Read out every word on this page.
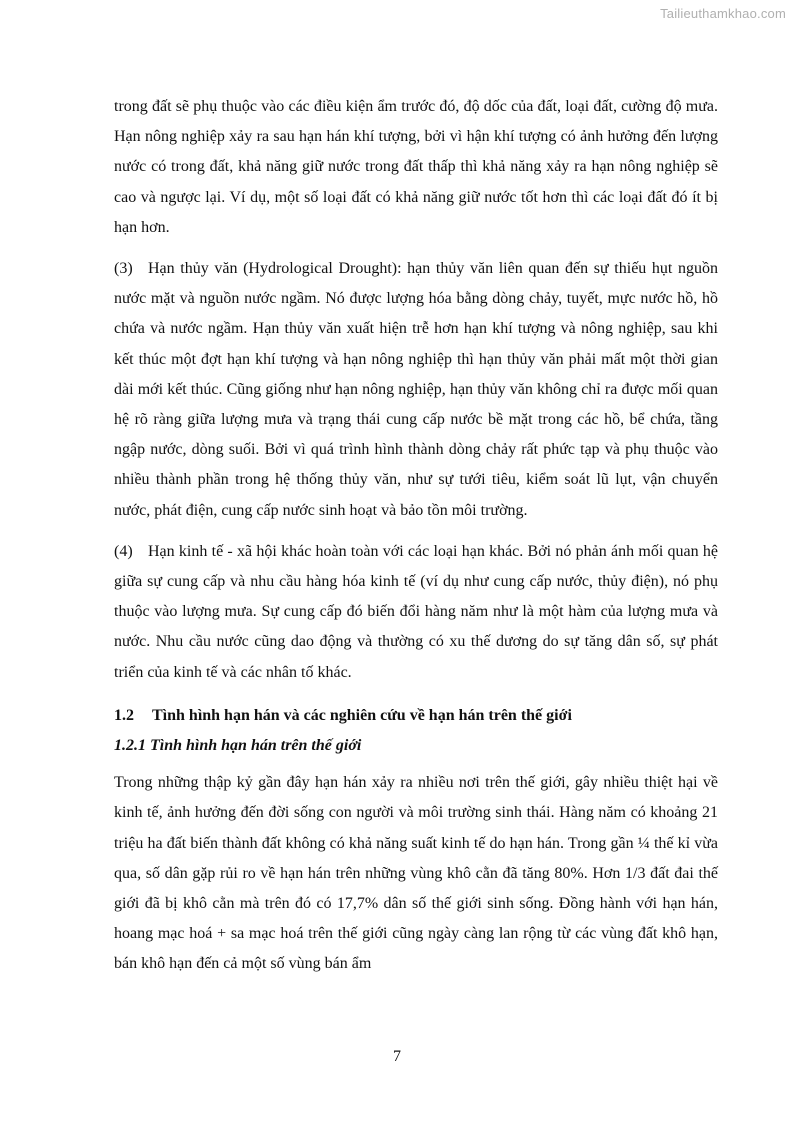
Tailieuthamkhao.com

trong đất sẽ phụ thuộc vào các điều kiện ẩm trước đó, độ dốc của đất, loại đất, cường độ mưa. Hạn nông nghiệp xảy ra sau hạn hán khí tượng, bởi vì hận khí tượng có ảnh hưởng đến lượng nước có trong đất, khả năng giữ nước trong đất thấp thì khả năng xảy ra hạn nông nghiệp sẽ cao và ngược lại. Ví dụ, một số loại đất có khả năng giữ nước tốt hơn thì các loại đất đó ít bị hạn hơn.

(3) Hạn thủy văn (Hydrological Drought): hạn thủy văn liên quan đến sự thiếu hụt nguồn nước mặt và nguồn nước ngầm. Nó được lượng hóa bằng dòng chảy, tuyết, mực nước hồ, hồ chứa và nước ngầm. Hạn thủy văn xuất hiện trễ hơn hạn khí tượng và nông nghiệp, sau khi kết thúc một đợt hạn khí tượng và hạn nông nghiệp thì hạn thủy văn phải mất một thời gian dài mới kết thúc. Cũng giống như hạn nông nghiệp, hạn thủy văn không chỉ ra được mối quan hệ rõ ràng giữa lượng mưa và trạng thái cung cấp nước bề mặt trong các hồ, bể chứa, tầng ngập nước, dòng suối. Bởi vì quá trình hình thành dòng chảy rất phức tạp và phụ thuộc vào nhiều thành phần trong hệ thống thủy văn, như sự tưới tiêu, kiểm soát lũ lụt, vận chuyển nước, phát điện, cung cấp nước sinh hoạt và bảo tồn môi trường.

(4) Hạn kinh tế - xã hội khác hoàn toàn với các loại hạn khác. Bởi nó phản ánh mối quan hệ giữa sự cung cấp và nhu cầu hàng hóa kinh tế (ví dụ như cung cấp nước, thủy điện), nó phụ thuộc vào lượng mưa. Sự cung cấp đó biến đổi hàng năm như là một hàm của lượng mưa và nước. Nhu cầu nước cũng dao động và thường có xu thế dương do sự tăng dân số, sự phát triển của kinh tế và các nhân tố khác.

1.2 Tình hình hạn hán và các nghiên cứu về hạn hán trên thế giới

1.2.1 Tình hình hạn hán trên thế giới

Trong những thập kỷ gần đây hạn hán xảy ra nhiều nơi trên thế giới, gây nhiều thiệt hại về kinh tế, ảnh hưởng đến đời sống con người và môi trường sinh thái. Hàng năm có khoảng 21 triệu ha đất biến thành đất không có khả năng suất kinh tế do hạn hán. Trong gần ¼ thế kỉ vừa qua, số dân gặp rủi ro về hạn hán trên những vùng khô cằn đã tăng 80%. Hơn 1/3 đất đai thế giới đã bị khô cằn mà trên đó có 17,7% dân số thế giới sinh sống. Đồng hành với hạn hán, hoang mạc hoá + sa mạc hoá trên thế giới cũng ngày càng lan rộng từ các vùng đất khô hạn, bán khô hạn đến cả một số vùng bán ẩm

7
